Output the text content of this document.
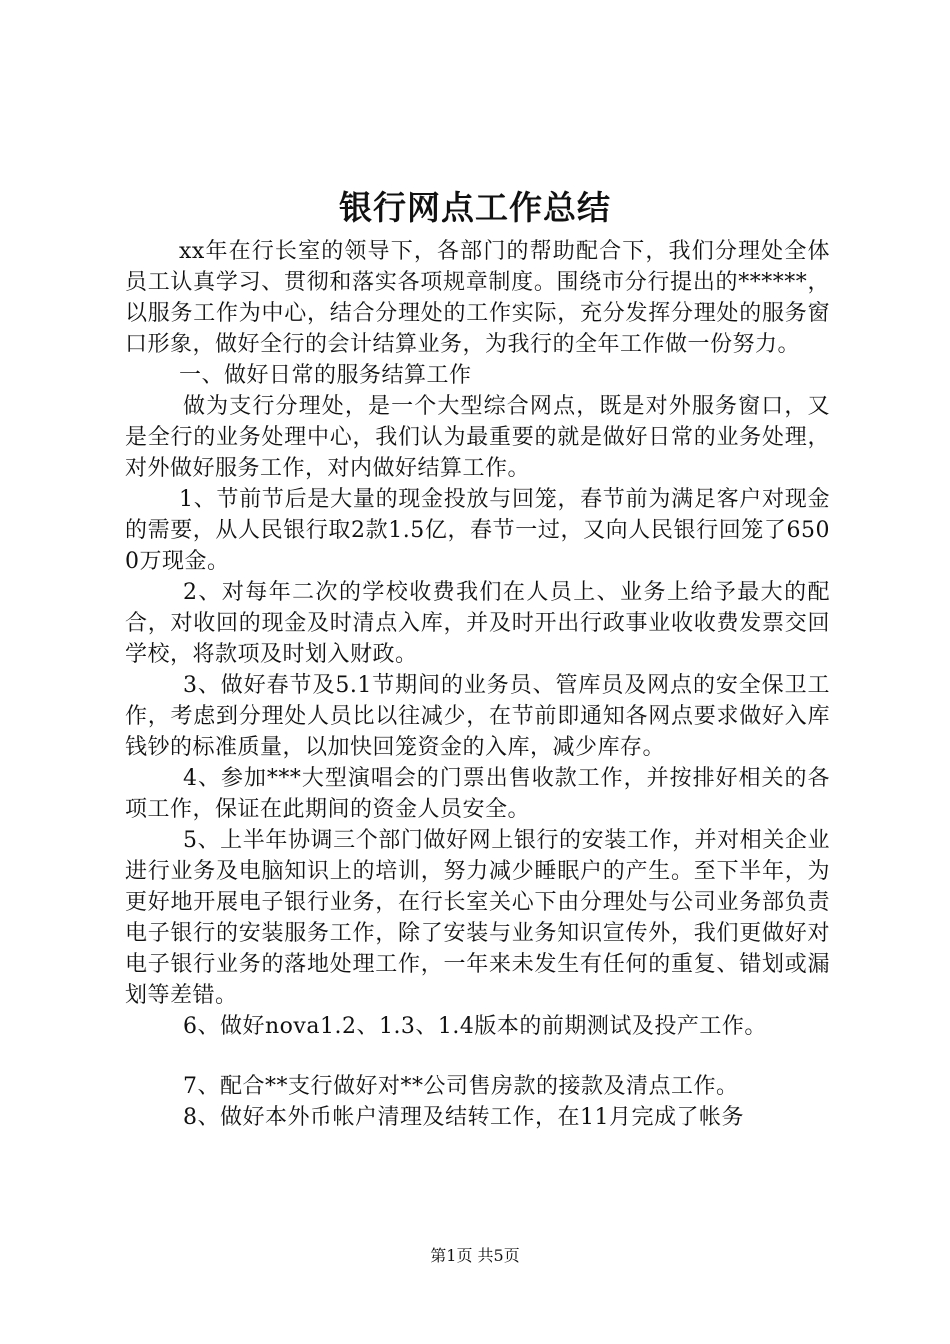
银行网点工作总结

xx年在行长室的领导下，各部门的帮助配合下，我们分理处全体员工认真学习、贯彻和落实各项规章制度。围绕市分行提出的******，以服务工作为中心，结合分理处的工作实际，充分发挥分理处的服务窗口形象，做好全行的会计结算业务，为我行的全年工作做一份努力。

一、做好日常的服务结算工作

做为支行分理处，是一个大型综合网点，既是对外服务窗口，又是全行的业务处理中心，我们认为最重要的就是做好日常的业务处理，对外做好服务工作，对内做好结算工作。

1、节前节后是大量的现金投放与回笼，春节前为满足客户对现金的需要，从人民银行取2款1.5亿，春节一过，又向人民银行回笼了6500万现金。

2、对每年二次的学校收费我们在人员上、业务上给予最大的配合，对收回的现金及时清点入库，并及时开出行政事业收收费发票交回学校，将款项及时划入财政。

3、做好春节及5.1节期间的业务员、管库员及网点的安全保卫工作，考虑到分理处人员比以往减少，在节前即通知各网点要求做好入库钱钞的标准质量，以加快回笼资金的入库，减少库存。

4、参加***大型演唱会的门票出售收款工作，并按排好相关的各项工作，保证在此期间的资金人员安全。

5、上半年协调三个部门做好网上银行的安装工作，并对相关企业进行业务及电脑知识上的培训，努力减少睡眠户的产生。至下半年，为更好地开展电子银行业务，在行长室关心下由分理处与公司业务部负责电子银行的安装服务工作，除了安装与业务知识宣传外，我们更做好对电子银行业务的落地处理工作，一年来未发生有任何的重复、错划或漏划等差错。

6、做好nova1.2、1.3、1.4版本的前期测试及投产工作。

7、配合**支行做好对**公司售房款的接款及清点工作。

8、做好本外币帐户清理及结转工作，在11月完成了帐务

第1页 共5页
